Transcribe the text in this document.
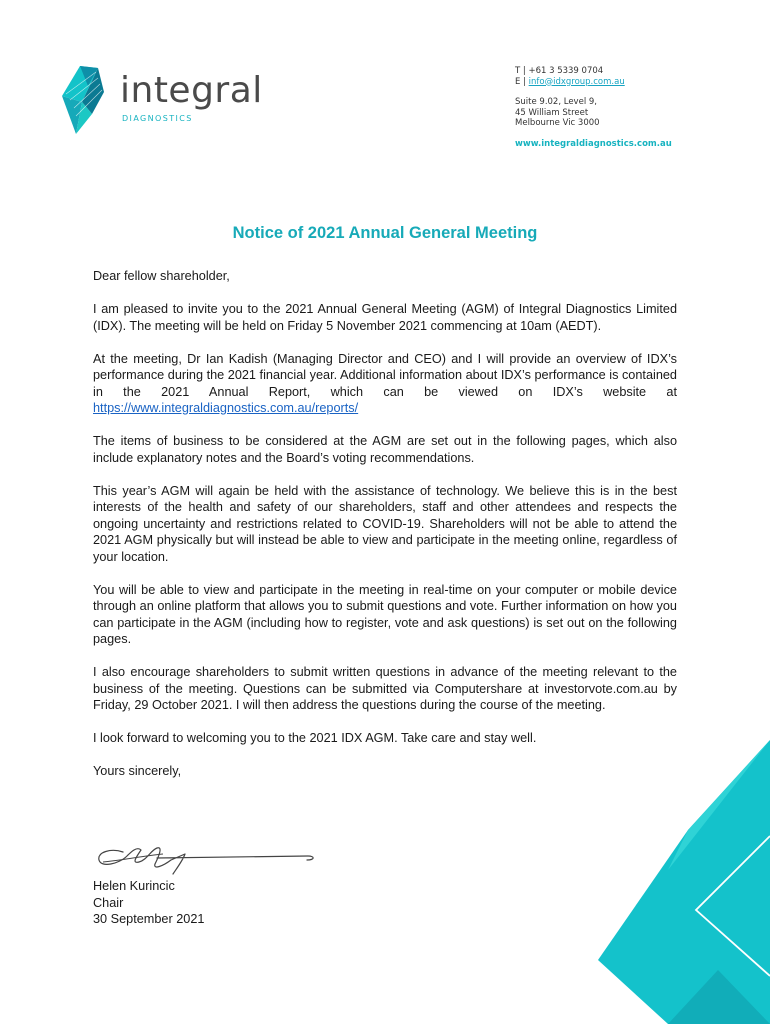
integral
DIAGNOSTICS
T | +61 3 5339 0704
E | info@idxgroup.com.au
Suite 9.02, Level 9,
45 William Street
Melbourne Vic 3000
www.integraldiagnostics.com.au
Notice of 2021 Annual General Meeting

Dear fellow shareholder,

I am pleased to invite you to the 2021 Annual General Meeting (AGM) of Integral Diagnostics Limited (IDX). The meeting will be held on Friday 5 November 2021 commencing at 10am (AEDT).

At the meeting, Dr Ian Kadish (Managing Director and CEO) and I will provide an overview of IDX’s performance during the 2021 financial year. Additional information about IDX’s performance is contained in the 2021 Annual Report, which can be viewed on IDX’s website at https://www.integraldiagnostics.com.au/reports/

The items of business to be considered at the AGM are set out in the following pages, which also include explanatory notes and the Board’s voting recommendations.

This year’s AGM will again be held with the assistance of technology. We believe this is in the best interests of the health and safety of our shareholders, staff and other attendees and respects the ongoing uncertainty and restrictions related to COVID-19. Shareholders will not be able to attend the 2021 AGM physically but will instead be able to view and participate in the meeting online, regardless of your location.

You will be able to view and participate in the meeting in real-time on your computer or mobile device through an online platform that allows you to submit questions and vote. Further information on how you can participate in the AGM (including how to register, vote and ask questions) is set out on the following pages.

I also encourage shareholders to submit written questions in advance of the meeting relevant to the business of the meeting. Questions can be submitted via Computershare at investorvote.com.au by Friday, 29 October 2021. I will then address the questions during the course of the meeting.

I look forward to welcoming you to the 2021 IDX AGM. Take care and stay well.

Yours sincerely,

Helen Kurincic
Chair
30 September 2021
